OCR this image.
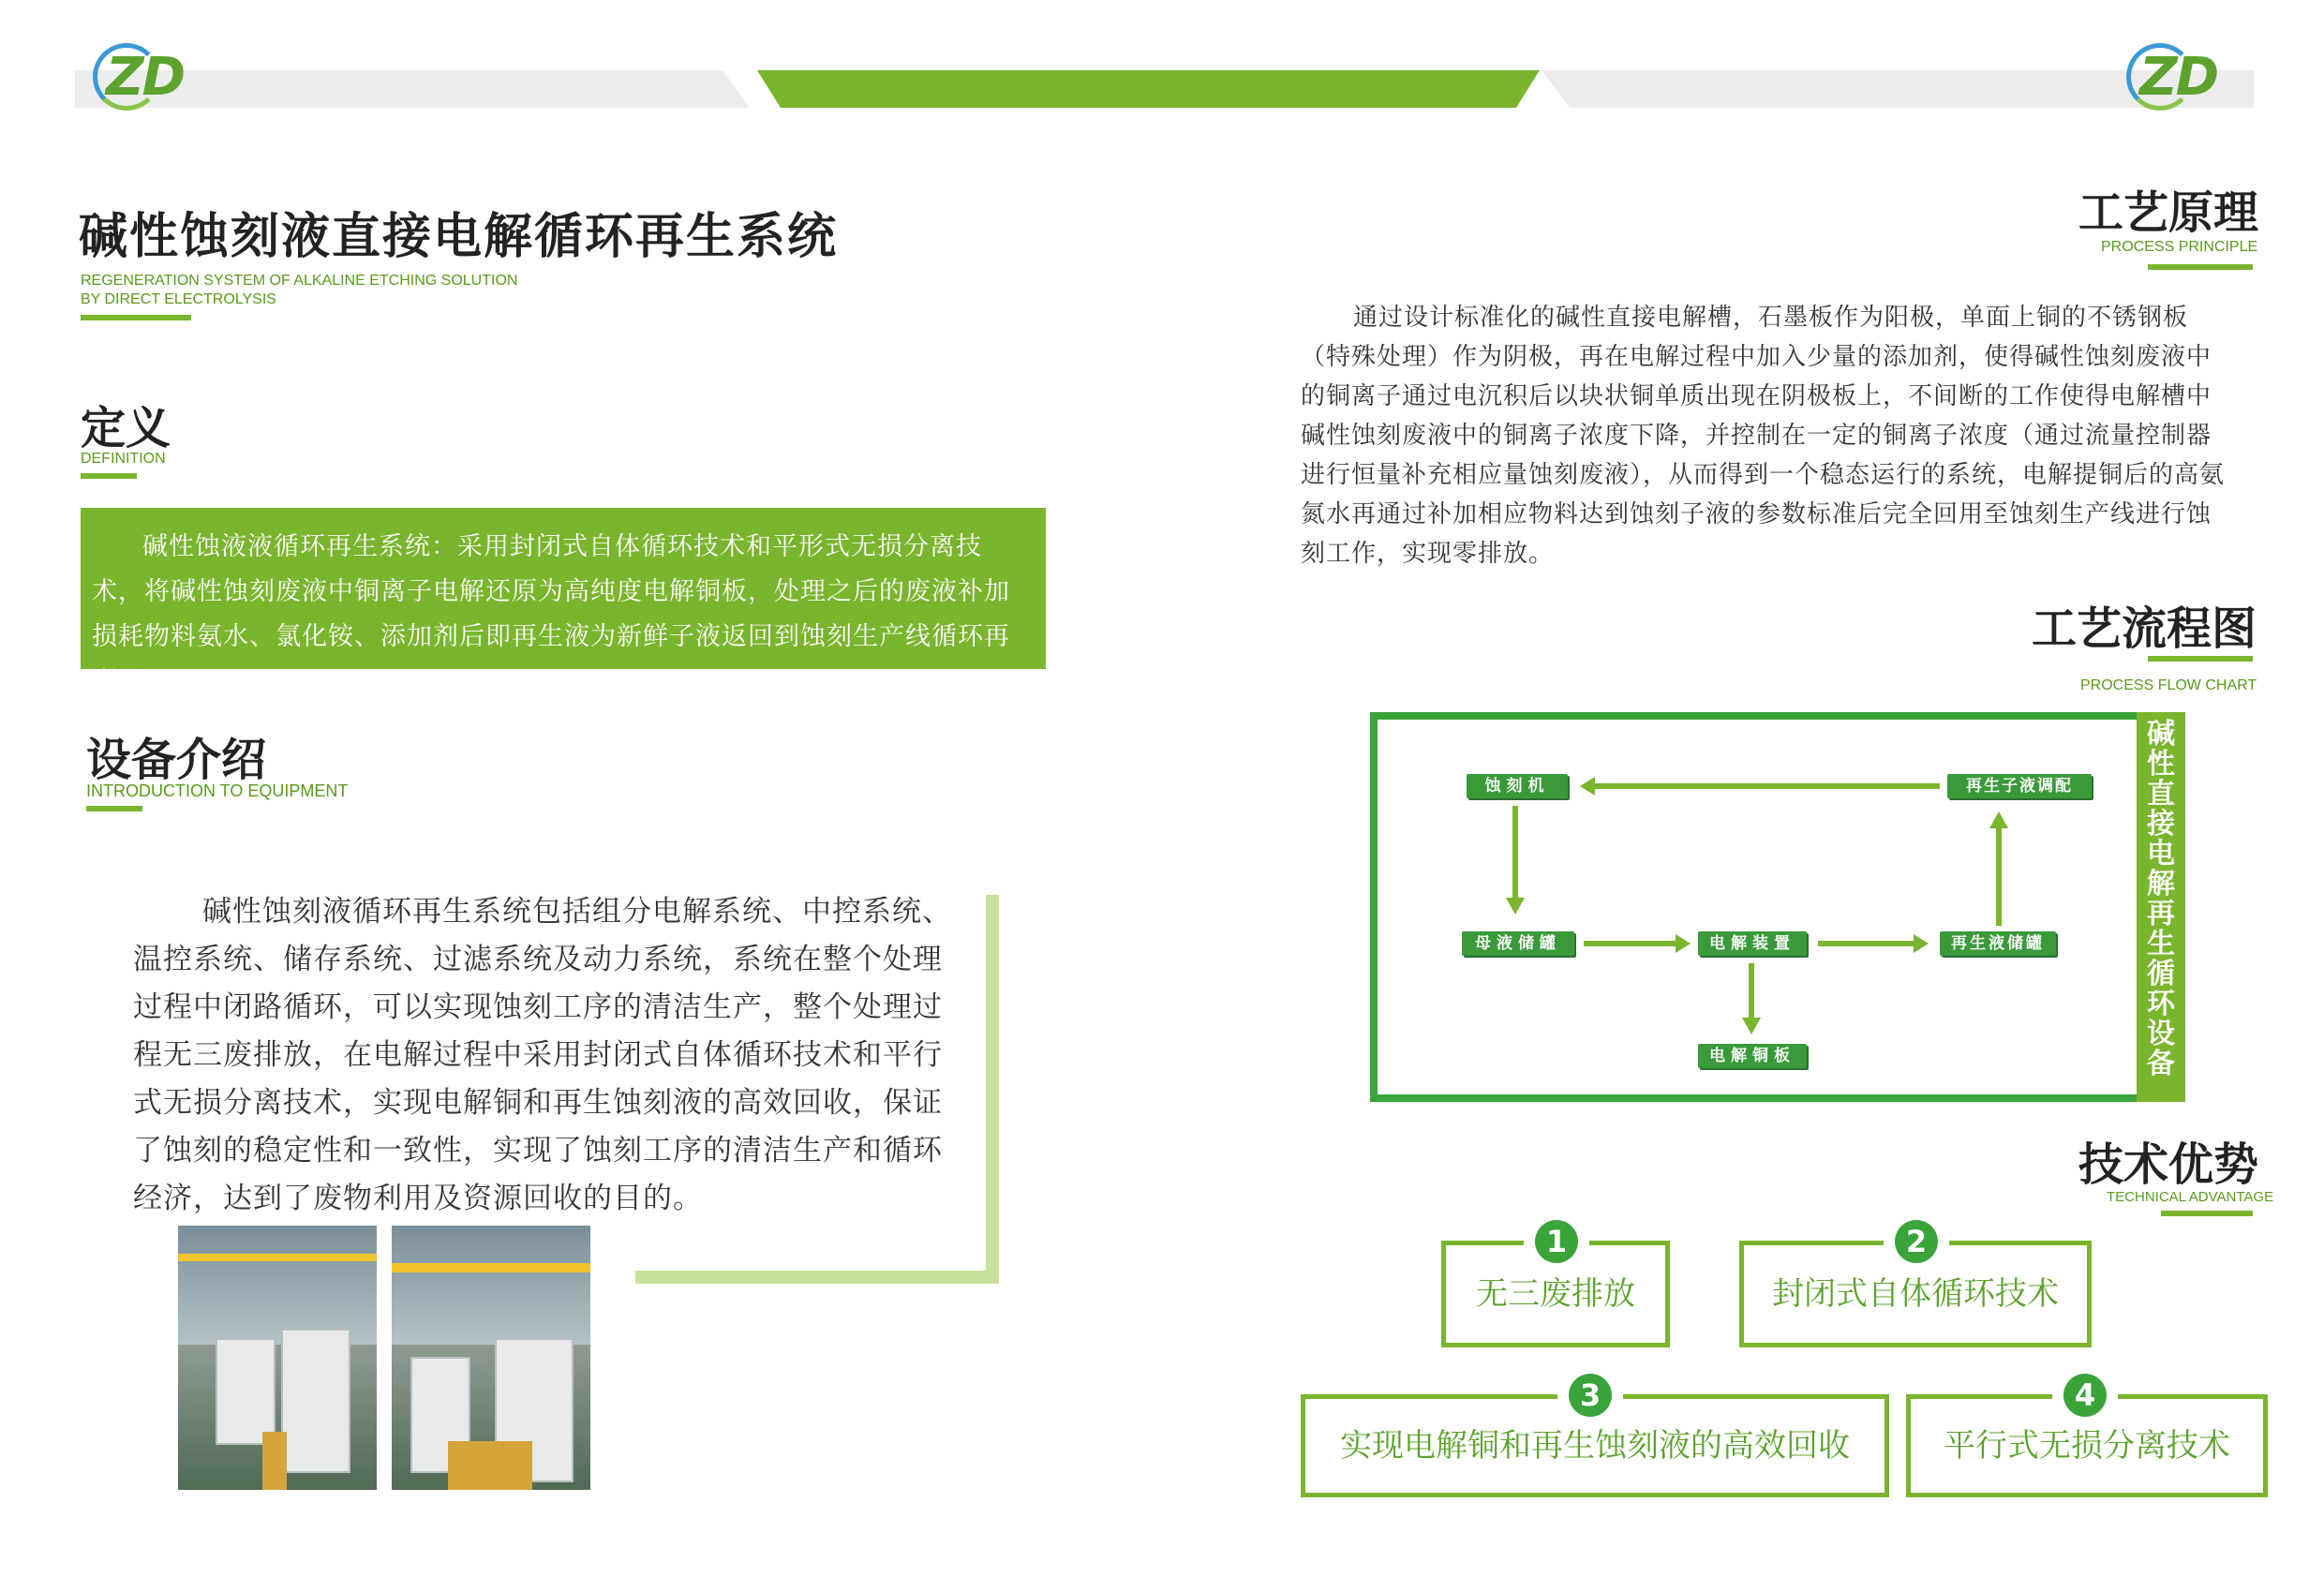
ZD	ZD
碱性蚀刻液直接电解循环再生系统
REGENERATION SYSTEM OF ALKALINE ETCHING SOLUTION
BY DIRECT ELECTROLYSIS
定义
DEFINITION

碱性蚀液液循环再生系统：采用封闭式自体循环技术和平形式无损分离技术，将碱性蚀刻废液中铜离子电解还原为高纯度电解铜板，处理之后的废液补加损耗物料氨水、氯化铵、添加剂后即再生液为新鲜子液返回到蚀刻生产线循环再利用。

设备介绍
INTRODUCTION TO EQUIPMENT
碱性蚀刻液循环再生系统包括组分电解系统、中控系统、温控系统、储存系统、过滤系统及动力系统，系统在整个处理过程中闭路循环，可以实现蚀刻工序的清洁生产，整个处理过程无三废排放，在电解过程中采用封闭式自体循环技术和平行式无损分离技术，实现电解铜和再生蚀刻液的高效回收，保证了蚀刻的稳定性和一致性，实现了蚀刻工序的清洁生产和循环经济，达到了废物利用及资源回收的目的。
工艺原理
PROCESS PRINCIPLE
通过设计标准化的碱性直接电解槽，石墨板作为阳极，单面上铜的不锈钢板（特殊处理）作为阴极，再在电解过程中加入少量的添加剂，使得碱性蚀刻废液中的铜离子通过电沉积后以块状铜单质出现在阴极板上，不间断的工作使得电解槽中碱性蚀刻废液中的铜离子浓度下降，并控制在一定的铜离子浓度（通过流量控制器进行恒量补充相应量蚀刻废液），从而得到一个稳态运行的系统，电解提铜后的高氨氮水再通过补加相应物料达到蚀刻子液的参数标准后完全回用至蚀刻生产线进行蚀刻工作，实现零排放。
工艺流程图
PROCESS FLOW CHART
碱
性
直
接
电
解
再
生
循
环
设
备
蚀刻机	再生子液调配
母液储罐	电解装置	再生液储罐
电解铜板
技术优势
TECHNICAL ADVANTAGE
无三废排放
1
封闭式自体循环技术
2
实现电解铜和再生蚀刻液的高效回收
3
平行式无损分离技术
4
